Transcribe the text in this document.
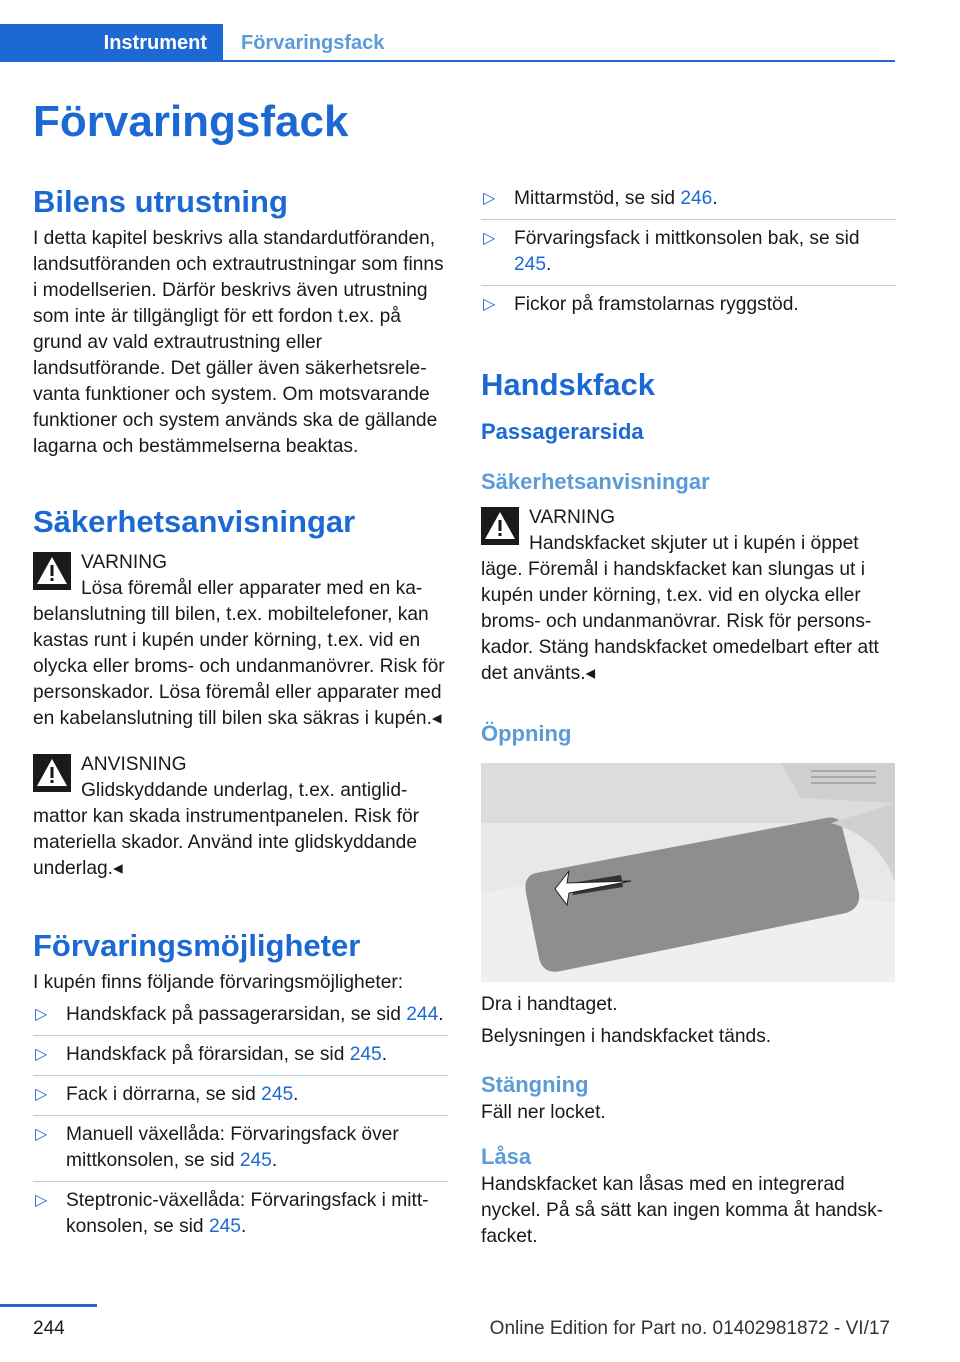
Instrument	Förvaringsfack
Förvaringsfack
Bilens utrustning

I detta kapitel beskrivs alla standardutföranden, landsutföranden och extrautrustningar som finns i modellserien. Därför beskrivs även utrustning som inte är tillgängligt för ett fordon t.ex. på grund av vald extrautrustning eller landsutförande. Det gäller även säkerhetsrelevanta funktioner och system. Om motsvarande funktioner och system används ska de gällande lagarna och bestämmelserna beaktas.

Säkerhetsanvisningar
VARNING
Lösa föremål eller apparater med en kabelanslutning till bilen, t.ex. mobiltelefoner, kan kastas runt i kupén under körning, t.ex. vid en olycka eller broms- och undanmanövrer. Risk för personskador. Lösa föremål eller apparater med en kabelanslutning till bilen ska säkras i kupén.◂
ANVISNING
Glidskyddande underlag, t.ex. antiglidmattor kan skada instrumentpanelen. Risk för materiella skador. Använd inte glidskyddande underlag.◂
Förvaringsmöjligheter

I kupén finns följande förvaringsmöjligheter:

▷ Handskfack på passagerarsidan, se sid 244.
▷ Handskfack på förarsidan, se sid 245.
▷ Fack i dörrarna, se sid 245.
▷ Manuell växellåda: Förvaringsfack över mittkonsolen, se sid 245.
▷ Steptronic-växellåda: Förvaringsfack i mittkonsolen, se sid 245.
▷ Mittarmstöd, se sid 246.
▷ Förvaringsfack i mittkonsolen bak, se sid 245.
▷ Fickor på framstolarnas ryggstöd.
Handskfack
Passagerarsida
Säkerhetsanvisningar
VARNING
Handskfacket skjuter ut i kupén i öppet läge. Föremål i handskfacket kan slungas ut i kupén under körning, t.ex. vid en olycka eller broms- och undanmanövrar. Risk för personskador. Stäng handskfacket omedelbart efter att det använts.◂
Öppning

Dra i handtaget.

Belysningen i handskfacket tänds.

Stängning

Fäll ner locket.

Låsa

Handskfacket kan låsas med en integrerad nyckel. På så sätt kan ingen komma åt handskfacket.

244	Online Edition for Part no. 01402981872 - VI/17
